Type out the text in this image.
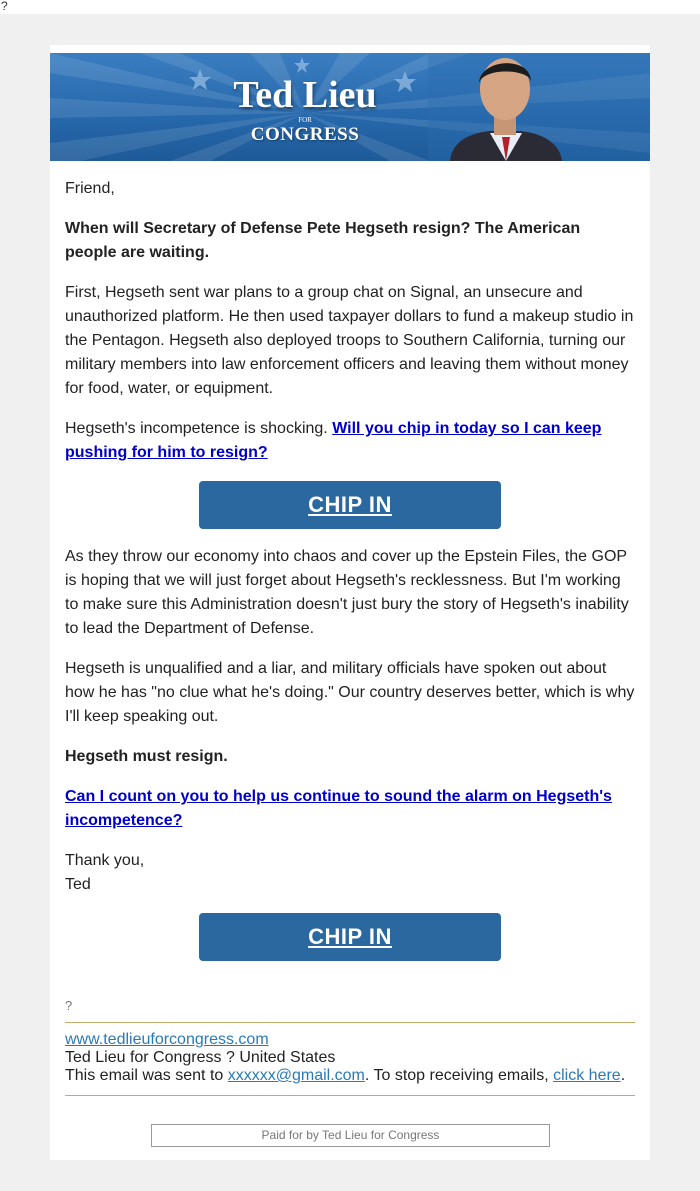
?
Ted Lieu
FOR
CONGRESS

Friend,

When will Secretary of Defense Pete Hegseth resign? The American people are waiting.

First, Hegseth sent war plans to a group chat on Signal, an unsecure and unauthorized platform. He then used taxpayer dollars to fund a makeup studio in the Pentagon. Hegseth also deployed troops to Southern California, turning our military members into law enforcement officers and leaving them without money for food, water, or equipment.

Hegseth's incompetence is shocking. Will you chip in today so I can keep pushing for him to resign?

CHIP IN

As they throw our economy into chaos and cover up the Epstein Files, the GOP is hoping that we will just forget about Hegseth's recklessness. But I'm working to make sure this Administration doesn't just bury the story of Hegseth's inability to lead the Department of Defense.

Hegseth is unqualified and a liar, and military officials have spoken out about how he has "no clue what he's doing." Our country deserves better, which is why I'll keep speaking out.

Hegseth must resign.

Can I count on you to help us continue to sound the alarm on Hegseth's incompetence?

Thank you,
Ted

CHIP IN
?
www.tedlieuforcongress.com
Ted Lieu for Congress ? United States
This email was sent to xxxxxx@gmail.com. To stop receiving emails, click here.
Paid for by Ted Lieu for Congress
